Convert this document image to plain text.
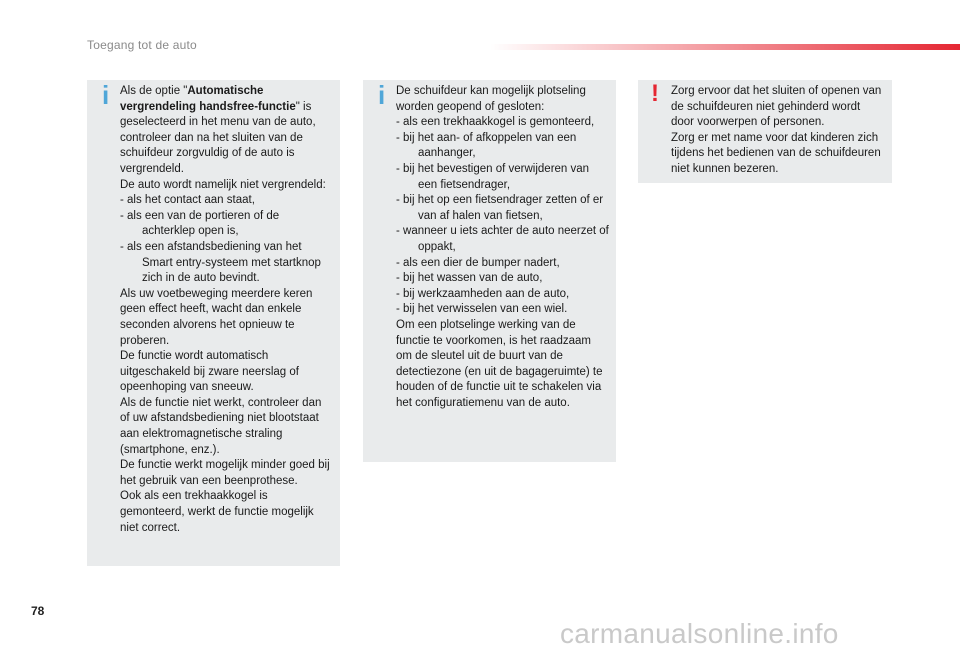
Toegang tot de auto
i Als de optie "Automatische vergrendeling handsfree-functie" is geselecteerd in het menu van de auto, controleer dan na het sluiten van de schuifdeur zorgvuldig of de auto is vergrendeld.
De auto wordt namelijk niet vergrendeld:
- als het contact aan staat,
- als een van de portieren of de achterklep open is,
- als een afstandsbediening van het Smart entry-systeem met startknop zich in de auto bevindt.
Als uw voetbeweging meerdere keren geen effect heeft, wacht dan enkele seconden alvorens het opnieuw te proberen.
De functie wordt automatisch uitgeschakeld bij zware neerslag of opeenhoping van sneeuw.
Als de functie niet werkt, controleer dan of uw afstandsbediening niet blootstaat aan elektromagnetische straling (smartphone, enz.).
De functie werkt mogelijk minder goed bij het gebruik van een beenprothese.
Ook als een trekhaakkogel is gemonteerd, werkt de functie mogelijk niet correct.
i De schuifdeur kan mogelijk plotseling worden geopend of gesloten:
- als een trekhaakkogel is gemonteerd,
- bij het aan- of afkoppelen van een aanhanger,
- bij het bevestigen of verwijderen van een fietsendrager,
- bij het op een fietsendrager zetten of er van af halen van fietsen,
- wanneer u iets achter de auto neerzet of oppakt,
- als een dier de bumper nadert,
- bij het wassen van de auto,
- bij werkzaamheden aan de auto,
- bij het verwisselen van een wiel.
Om een plotselinge werking van de functie te voorkomen, is het raadzaam om de sleutel uit de buurt van de detectiezone (en uit de bagageruimte) te houden of de functie uit te schakelen via het configuratiemenu van de auto.
! Zorg ervoor dat het sluiten of openen van de schuifdeuren niet gehinderd wordt door voorwerpen of personen.
Zorg er met name voor dat kinderen zich tijdens het bedienen van de schuifdeuren niet kunnen bezeren.
78
carmanualsonline.info
